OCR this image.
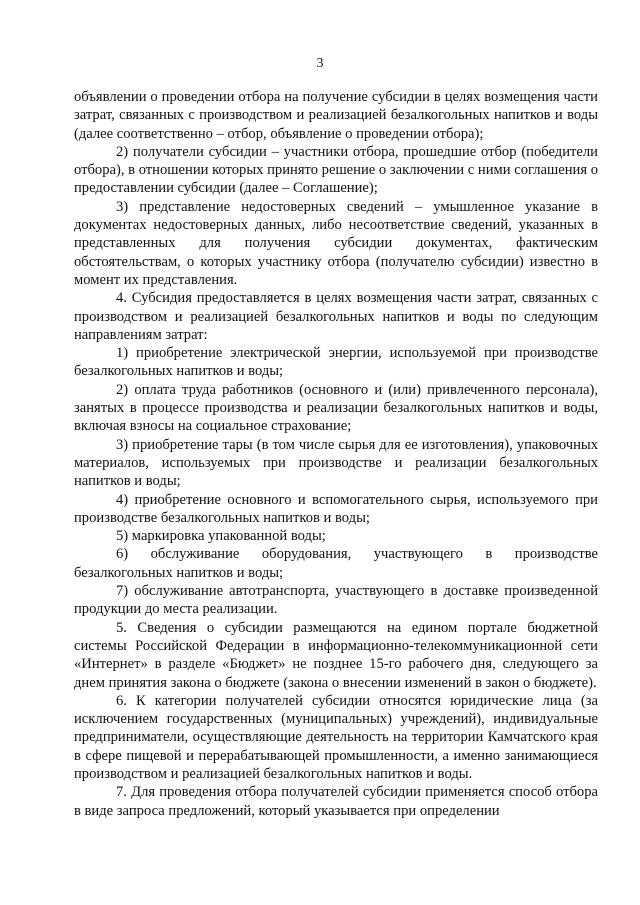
3

объявлении о проведении отбора на получение субсидии в целях возмещения части затрат, связанных с производством и реализацией безалкогольных напитков и воды (далее соответственно – отбор, объявление о проведении отбора);

2) получатели субсидии – участники отбора, прошедшие отбор (победители отбора), в отношении которых принято решение о заключении с ними соглашения о предоставлении субсидии (далее – Соглашение);

3) представление недостоверных сведений – умышленное указание в документах недостоверных данных, либо несоответствие сведений, указанных в представленных для получения субсидии документах, фактическим обстоятельствам, о которых участнику отбора (получателю субсидии) известно в момент их представления.

4. Субсидия предоставляется в целях возмещения части затрат, связанных с производством и реализацией безалкогольных напитков и воды по следующим направлениям затрат:

1) приобретение электрической энергии, используемой при производстве безалкогольных напитков и воды;

2) оплата труда работников (основного и (или) привлеченного персонала), занятых в процессе производства и реализации безалкогольных напитков и воды, включая взносы на социальное страхование;

3) приобретение тары (в том числе сырья для ее изготовления), упаковочных материалов, используемых при производстве и реализации безалкогольных напитков и воды;

4) приобретение основного и вспомогательного сырья, используемого при производстве безалкогольных напитков и воды;

5) маркировка упакованной воды;

6) обслуживание оборудования, участвующего в производстве безалкогольных напитков и воды;

7) обслуживание автотранспорта, участвующего в доставке произведенной продукции до места реализации.

5. Сведения о субсидии размещаются на едином портале бюджетной системы Российской Федерации в информационно-телекоммуникационной сети «Интернет» в разделе «Бюджет» не позднее 15-го рабочего дня, следующего за днем принятия закона о бюджете (закона о внесении изменений в закон о бюджете).

6. К категории получателей субсидии относятся юридические лица (за исключением государственных (муниципальных) учреждений), индивидуальные предприниматели, осуществляющие деятельность на территории Камчатского края в сфере пищевой и перерабатывающей промышленности, а именно занимающиеся производством и реализацией безалкогольных напитков и воды.

7. Для проведения отбора получателей субсидии применяется способ отбора в виде запроса предложений, который указывается при определении
